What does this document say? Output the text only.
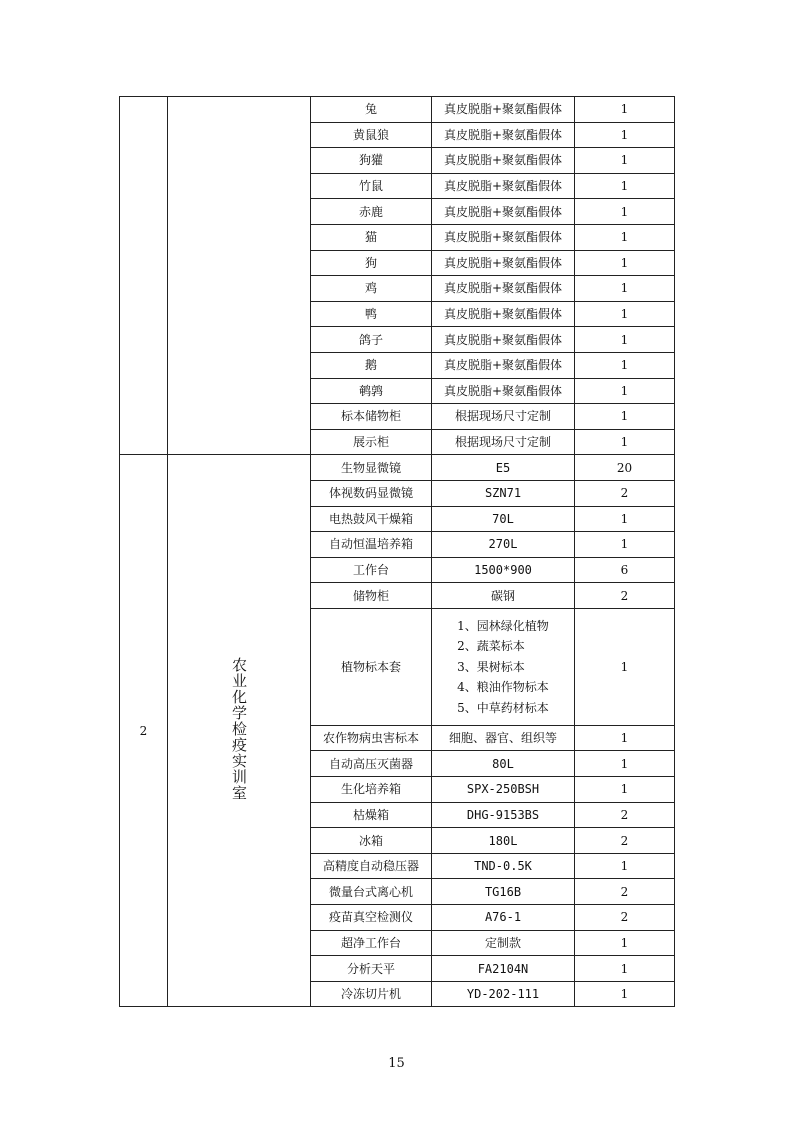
		兔	真皮脱脂+聚氨酯假体	1
		黄鼠狼	真皮脱脂+聚氨酯假体	1
		狗獾	真皮脱脂+聚氨酯假体	1
		竹鼠	真皮脱脂+聚氨酯假体	1
		赤鹿	真皮脱脂+聚氨酯假体	1
		猫	真皮脱脂+聚氨酯假体	1
		狗	真皮脱脂+聚氨酯假体	1
		鸡	真皮脱脂+聚氨酯假体	1
		鸭	真皮脱脂+聚氨酯假体	1
		鸽子	真皮脱脂+聚氨酯假体	1
		鹅	真皮脱脂+聚氨酯假体	1
		鹌鹑	真皮脱脂+聚氨酯假体	1
		标本储物柜	根据现场尺寸定制	1
		展示柜	根据现场尺寸定制	1
2	农业化学检疫实训室	生物显微镜	E5	20
		体视数码显微镜	SZN71	2
		电热鼓风干燥箱	70L	1
		自动恒温培养箱	270L	1
		工作台	1500*900	6
		储物柜	碳钢	2
		植物标本套	1、园林绿化植物
2、蔬菜标本
3、果树标本
4、粮油作物标本
5、中草药材标本	1
		农作物病虫害标本	细胞、器官、组织等	1
		自动高压灭菌器	80L	1
		生化培养箱	SPX-250BSH	1
		枯燥箱	DHG-9153BS	2
		冰箱	180L	2
		高精度自动稳压器	TND-0.5K	1
		微量台式离心机	TG16B	2
		疫苗真空检测仪	A76-1	2
		超净工作台	定制款	1
		分析天平	FA2104N	1
		冷冻切片机	YD-202-111	1
15
